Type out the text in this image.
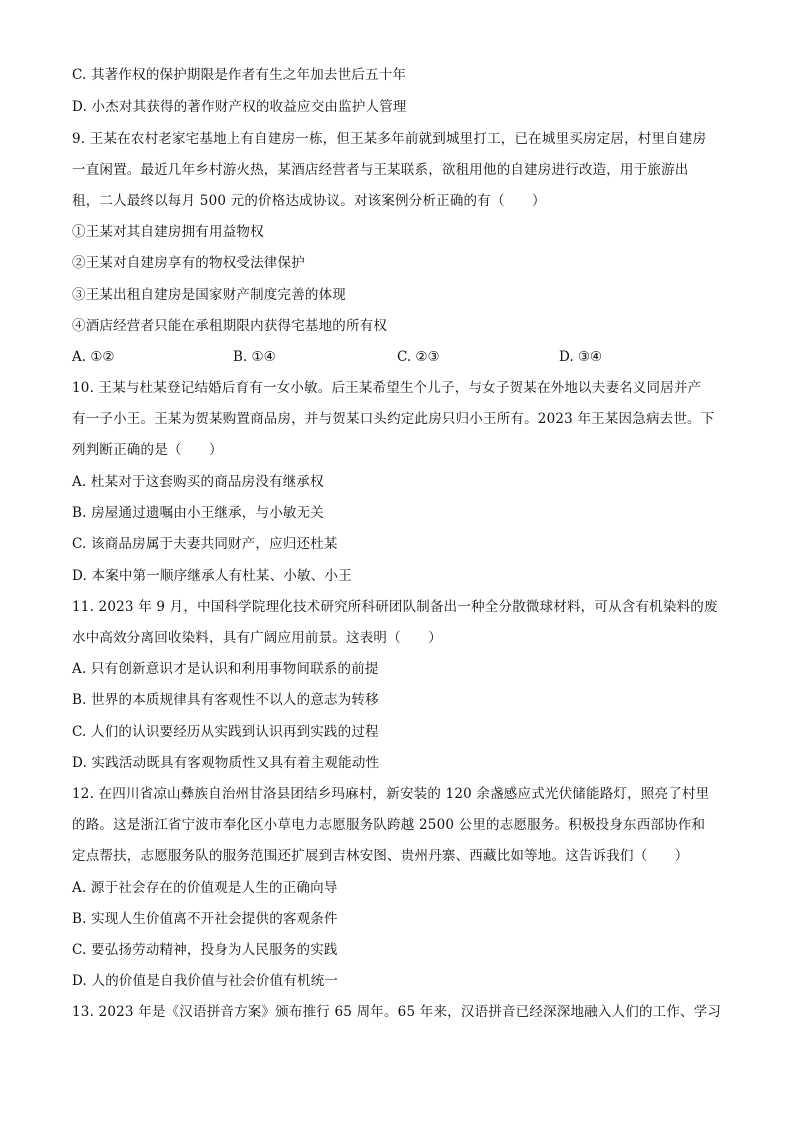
C. 其著作权的保护期限是作者有生之年加去世后五十年
D. 小杰对其获得的著作财产权的收益应交由监护人管理
9. 王某在农村老家宅基地上有自建房一栋，但王某多年前就到城里打工，已在城里买房定居，村里自建房
一直闲置。最近几年乡村游火热，某酒店经营者与王某联系，欲租用他的自建房进行改造，用于旅游出
租，二人最终以每月 500 元的价格达成协议。对该案例分析正确的有（　　）
①王某对其自建房拥有用益物权
②王某对自建房享有的物权受法律保护
③王某出租自建房是国家财产制度完善的体现
④酒店经营者只能在承租期限内获得宅基地的所有权
A. ①②	B. ①④	C. ②③	D. ③④
10. 王某与杜某登记结婚后育有一女小敏。后王某希望生个儿子，与女子贺某在外地以夫妻名义同居并产
有一子小王。王某为贺某购置商品房，并与贺某口头约定此房只归小王所有。2023 年王某因急病去世。下
列判断正确的是（　　）
A. 杜某对于这套购买的商品房没有继承权
B. 房屋通过遗嘱由小王继承，与小敏无关
C. 该商品房属于夫妻共同财产，应归还杜某
D. 本案中第一顺序继承人有杜某、小敏、小王
11. 2023 年 9 月，中国科学院理化技术研究所科研团队制备出一种全分散微球材料，可从含有机染料的废
水中高效分离回收染料，具有广阔应用前景。这表明（　　）
A. 只有创新意识才是认识和利用事物间联系的前提
B. 世界的本质规律具有客观性不以人的意志为转移
C. 人们的认识要经历从实践到认识再到实践的过程
D. 实践活动既具有客观物质性又具有着主观能动性
12. 在四川省凉山彝族自治州甘洛县团结乡玛麻村，新安装的 120 余盏感应式光伏储能路灯，照亮了村里
的路。这是浙江省宁波市奉化区小草电力志愿服务队跨越 2500 公里的志愿服务。积极投身东西部协作和
定点帮扶，志愿服务队的服务范围还扩展到吉林安图、贵州丹寨、西藏比如等地。这告诉我们（　　）
A. 源于社会存在的价值观是人生的正确向导
B. 实现人生价值离不开社会提供的客观条件
C. 要弘扬劳动精神，投身为人民服务的实践
D. 人的价值是自我价值与社会价值有机统一
13. 2023 年是《汉语拼音方案》颁布推行 65 周年。65 年来，汉语拼音已经深深地融入人们的工作、学习
